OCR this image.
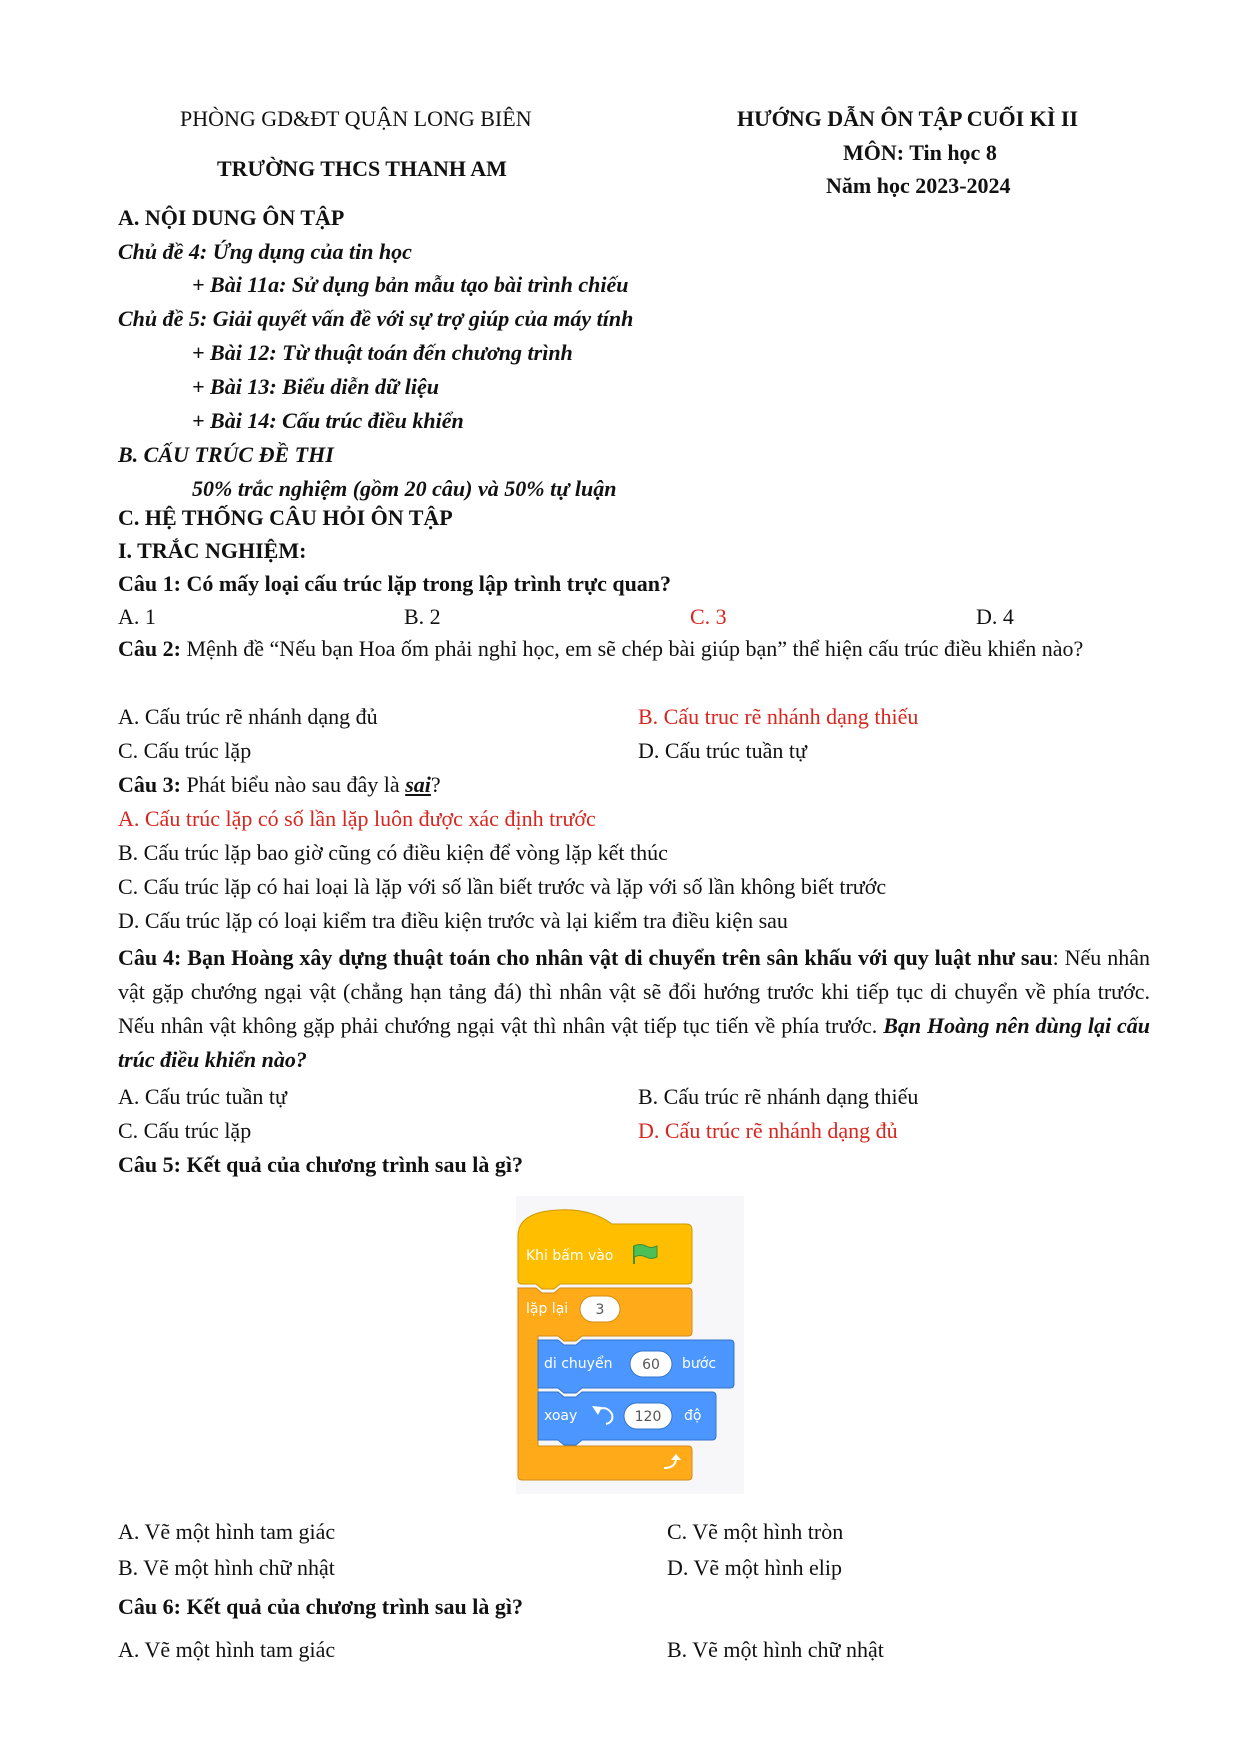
PHÒNG GD&ĐT QUẬN LONG BIÊN
TRƯỜNG THCS THANH AM
HƯỚNG DẪN ÔN TẬP CUỐI KÌ II
MÔN: Tin học 8
Năm học 2023-2024
A. NỘI DUNG ÔN TẬP
Chủ đề 4: Ứng dụng của tin học
+ Bài 11a: Sử dụng bản mẫu tạo bài trình chiếu
Chủ đề 5: Giải quyết vấn đề với sự trợ giúp của máy tính
+ Bài 12: Từ thuật toán đến chương trình
+ Bài 13: Biểu diễn dữ liệu
+ Bài 14: Cấu trúc điều khiển
B. CẤU TRÚC ĐỀ THI
50% trắc nghiệm (gồm 20 câu) và 50% tự luận
C. HỆ THỐNG CÂU HỎI ÔN TẬP
I. TRẮC NGHIỆM:
Câu 1: Có mấy loại cấu trúc lặp trong lập trình trực quan?
A. 1	B. 2	C. 3	D. 4
Câu 2: Mệnh đề “Nếu bạn Hoa ốm phải nghỉ học, em sẽ chép bài giúp bạn” thể hiện cấu trúc điều khiển nào?
A. Cấu trúc rẽ nhánh dạng đủ	B. Cấu truc rẽ nhánh dạng thiếu
C. Cấu trúc lặp	D. Cấu trúc tuần tự
Câu 3: Phát biểu nào sau đây là sai?
A. Cấu trúc lặp có số lần lặp luôn được xác định trước
B. Cấu trúc lặp bao giờ cũng có điều kiện để vòng lặp kết thúc
C. Cấu trúc lặp có hai loại là lặp với số lần biết trước và lặp với số lần không biết trước
D. Cấu trúc lặp có loại kiểm tra điều kiện trước và lại kiểm tra điều kiện sau
Câu 4: Bạn Hoàng xây dựng thuật toán cho nhân vật di chuyển trên sân khấu với quy luật như sau: Nếu nhân vật gặp chướng ngại vật (chẳng hạn tảng đá) thì nhân vật sẽ đổi hướng trước khi tiếp tục di chuyển về phía trước. Nếu nhân vật không gặp phải chướng ngại vật thì nhân vật tiếp tục tiến về phía trước. Bạn Hoàng nên dùng lại cấu trúc điều khiển nào?
A. Cấu trúc tuần tự	B. Cấu trúc rẽ nhánh dạng thiếu
C. Cấu trúc lặp	D. Cấu trúc rẽ nhánh dạng đủ
Câu 5: Kết quả của chương trình sau là gì?
Khi bấm vào
lặp lại 3
di chuyển 60 bước
xoay	120 độ
A. Vẽ một hình tam giác	C. Vẽ một hình tròn
B. Vẽ một hình chữ nhật	D. Vẽ một hình elip
Câu 6: Kết quả của chương trình sau là gì?
A. Vẽ một hình tam giác	B. Vẽ một hình chữ nhật
